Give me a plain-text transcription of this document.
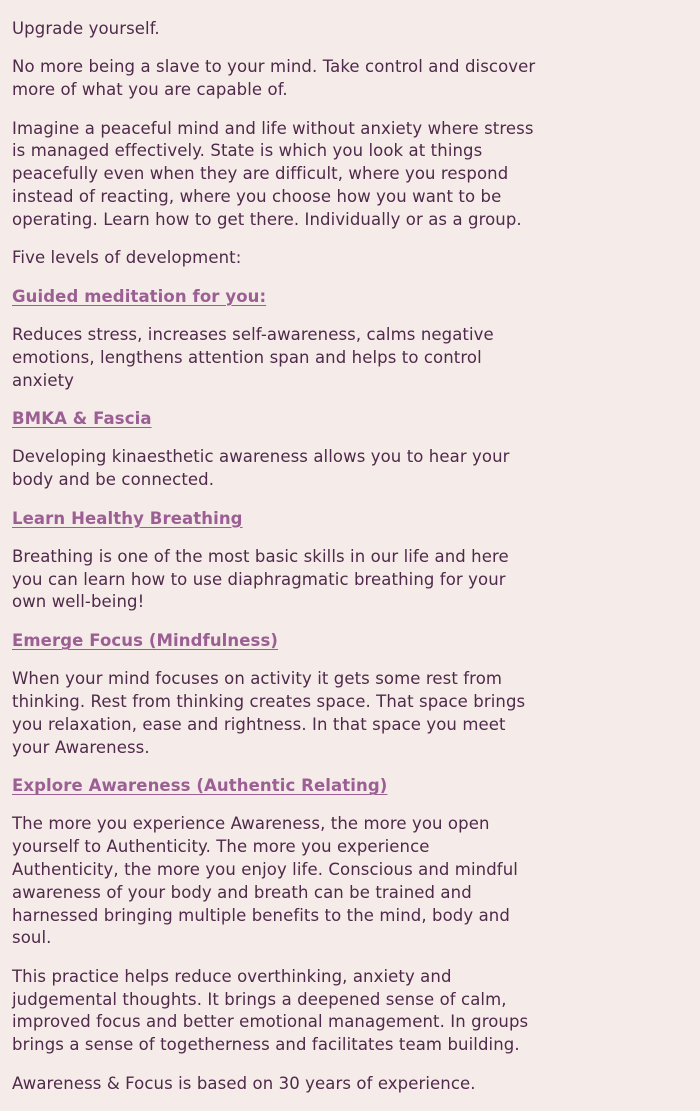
Upgrade yourself.

No more being a slave to your mind. Take control and discover more of what you are capable of.

Imagine a peaceful mind and life without anxiety where stress is managed effectively. State is which you look at things peacefully even when they are difficult, where you respond instead of reacting, where you choose how you want to be operating. Learn how to get there. Individually or as a group.

Five levels of development:

Guided meditation for you:

Reduces stress, increases self-awareness, calms negative emotions, lengthens attention span and helps to control anxiety

BMKA & Fascia

Developing kinaesthetic awareness allows you to hear your body and be connected.

Learn Healthy Breathing

Breathing is one of the most basic skills in our life and here you can learn how to use diaphragmatic breathing for your own well-being!

Emerge Focus (Mindfulness)

When your mind focuses on activity it gets some rest from thinking. Rest from thinking creates space. That space brings you relaxation, ease and rightness. In that space you meet your Awareness.

Explore Awareness (Authentic Relating)

The more you experience Awareness, the more you open yourself to Authenticity. The more you experience Authenticity, the more you enjoy life. Conscious and mindful awareness of your body and breath can be trained and harnessed bringing multiple benefits to the mind, body and soul.

This practice helps reduce overthinking, anxiety and judgemental thoughts. It brings a deepened sense of calm, improved focus and better emotional management. In groups brings a sense of togetherness and facilitates team building.

Awareness & Focus is based on 30 years of experience.
